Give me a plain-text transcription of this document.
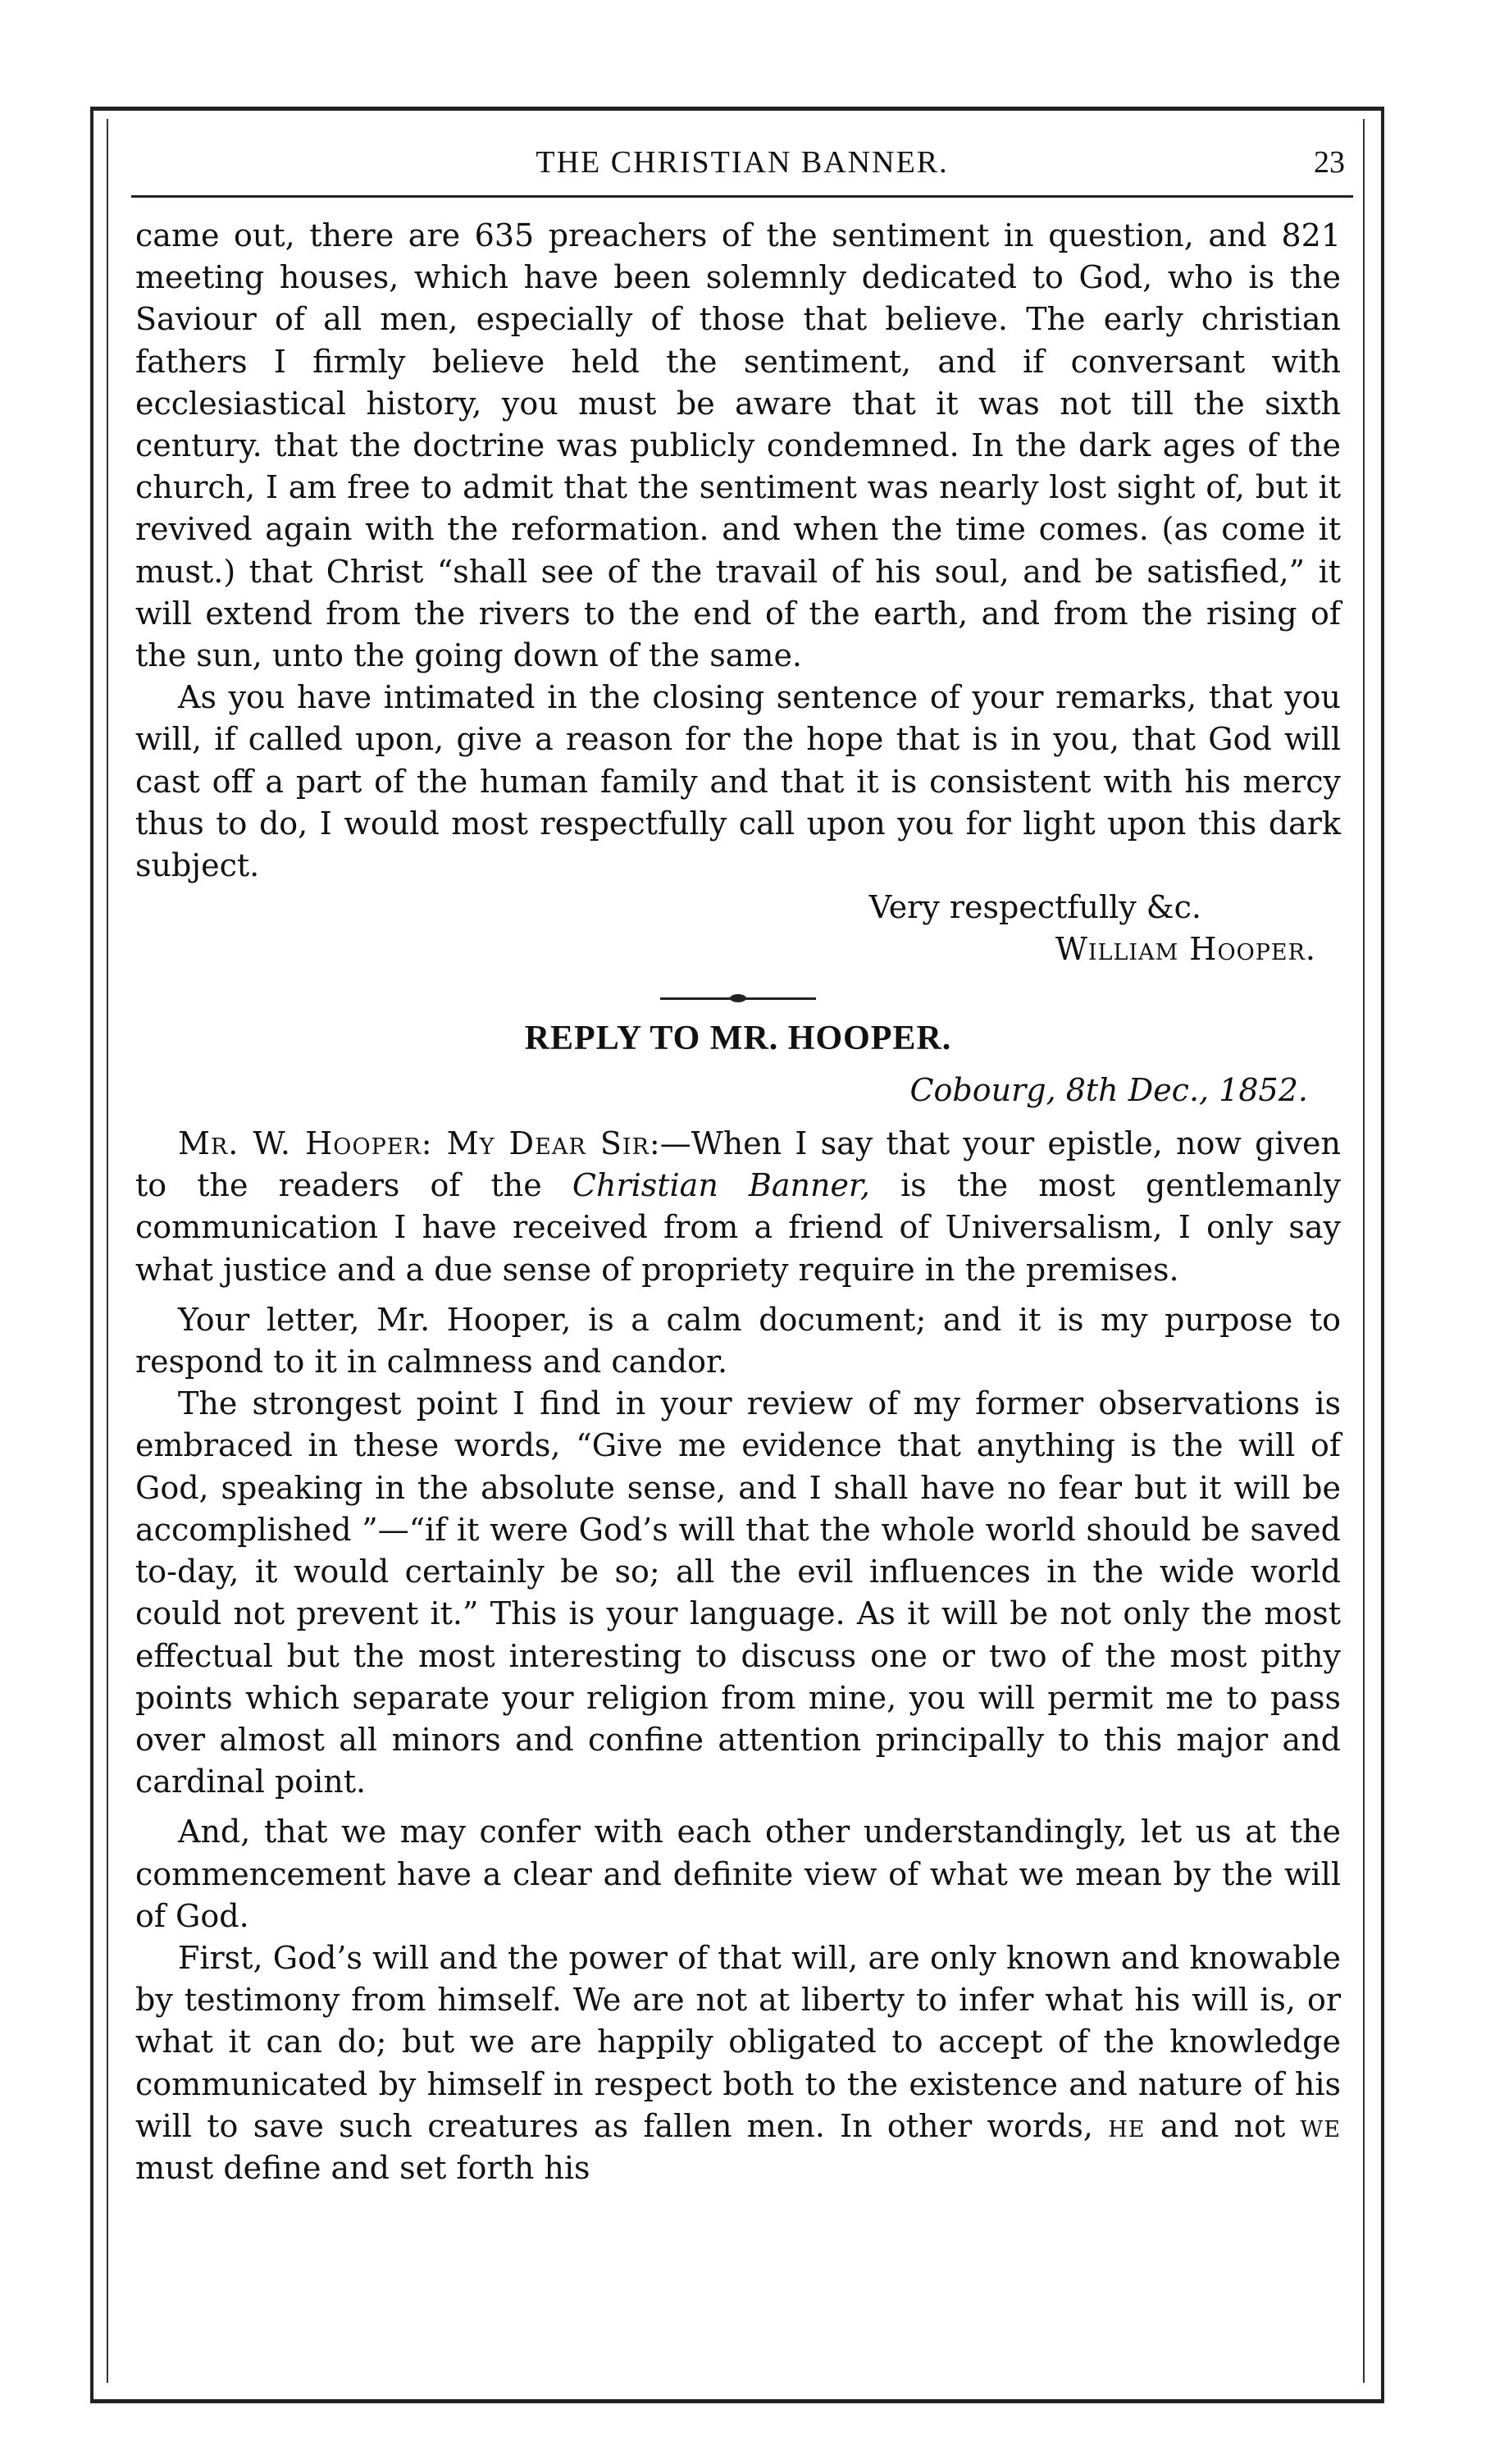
THE CHRISTIAN BANNER.	23

came out, there are 635 preachers of the sentiment in question, and 821 meeting houses, which have been solemnly dedicated to God, who is the Saviour of all men, especially of those that believe. The early christian fathers I firmly believe held the sentiment, and if conversant with ecclesiastical history, you must be aware that it was not till the sixth century. that the doctrine was publicly condemned. In the dark ages of the church, I am free to admit that the sentiment was nearly lost sight of, but it revived again with the reformation. and when the time comes. (as come it must.) that Christ “shall see of the travail of his soul, and be satisfied,” it will extend from the rivers to the end of the earth, and from the rising of the sun, unto the going down of the same.

As you have intimated in the closing sentence of your remarks, that you will, if called upon, give a reason for the hope that is in you, that God will cast off a part of the human family and that it is consistent with his mercy thus to do, I would most respectfully call upon you for light upon this dark subject.

Very respectfully &c.

William Hooper.

REPLY TO MR. HOOPER.

Cobourg, 8th Dec., 1852.

Mr. W. Hooper: My Dear Sir:—When I say that your epistle, now given to the readers of the Christian Banner, is the most gentlemanly communication I have received from a friend of Universalism, I only say what justice and a due sense of propriety require in the premises.

Your letter, Mr. Hooper, is a calm document; and it is my purpose to respond to it in calmness and candor.

The strongest point I find in your review of my former observations is embraced in these words, “Give me evidence that anything is the will of God, speaking in the absolute sense, and I shall have no fear but it will be accomplished ”—“if it were God’s will that the whole world should be saved to-day, it would certainly be so; all the evil influences in the wide world could not prevent it.” This is your language. As it will be not only the most effectual but the most interesting to discuss one or two of the most pithy points which separate your religion from mine, you will permit me to pass over almost all minors and confine attention principally to this major and cardinal point.

And, that we may confer with each other understandingly, let us at the commencement have a clear and definite view of what we mean by the will of God.

First, God’s will and the power of that will, are only known and knowable by testimony from himself. We are not at liberty to infer what his will is, or what it can do; but we are happily obligated to accept of the knowledge communicated by himself in respect both to the existence and nature of his will to save such creatures as fallen men. In other words, he and not we must define and set forth his
